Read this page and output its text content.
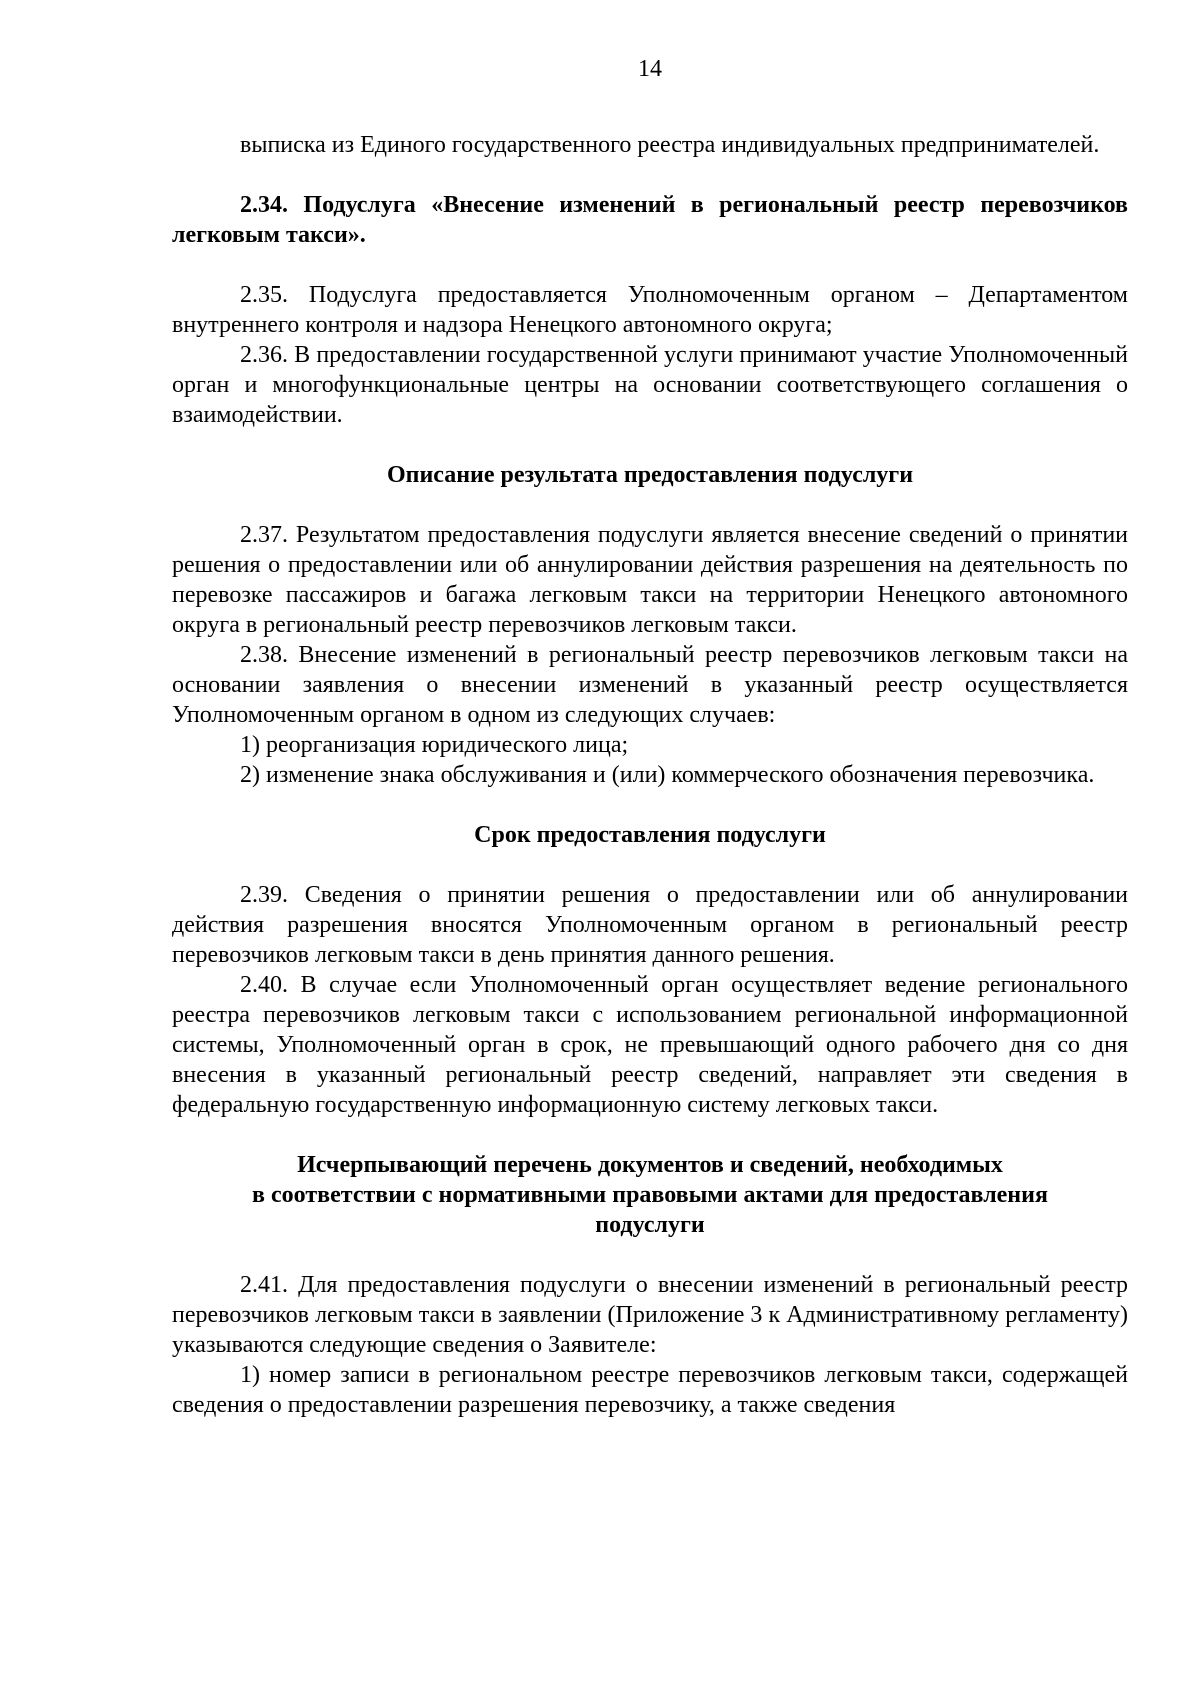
14

выписка из Единого государственного реестра индивидуальных предпринимателей.

2.34. Подуслуга «Внесение изменений в региональный реестр перевозчиков легковым такси».

2.35. Подуслуга предоставляется Уполномоченным органом – Департаментом внутреннего контроля и надзора Ненецкого автономного округа;

2.36. В предоставлении государственной услуги принимают участие Уполномоченный орган и многофункциональные центры на основании соответствующего соглашения о взаимодействии.

Описание результата предоставления подуслуги

2.37. Результатом предоставления подуслуги является внесение сведений о принятии решения о предоставлении или об аннулировании действия разрешения на деятельность по перевозке пассажиров и багажа легковым такси на территории Ненецкого автономного округа в региональный реестр перевозчиков легковым такси.

2.38. Внесение изменений в региональный реестр перевозчиков легковым такси на основании заявления о внесении изменений в указанный реестр осуществляется Уполномоченным органом в одном из следующих случаев:

1) реорганизация юридического лица;

2) изменение знака обслуживания и (или) коммерческого обозначения перевозчика.

Срок предоставления подуслуги

2.39. Сведения о принятии решения о предоставлении или об аннулировании действия разрешения вносятся Уполномоченным органом в региональный реестр перевозчиков легковым такси в день принятия данного решения.

2.40. В случае если Уполномоченный орган осуществляет ведение регионального реестра перевозчиков легковым такси с использованием региональной информационной системы, Уполномоченный орган в срок, не превышающий одного рабочего дня со дня внесения в указанный региональный реестр сведений, направляет эти сведения в федеральную государственную информационную систему легковых такси.

Исчерпывающий перечень документов и сведений, необходимых
в соответствии с нормативными правовыми актами для предоставления
подуслуги

2.41. Для предоставления подуслуги о внесении изменений в региональный реестр перевозчиков легковым такси в заявлении (Приложение 3 к Административному регламенту) указываются следующие сведения о Заявителе:

1) номер записи в региональном реестре перевозчиков легковым такси, содержащей сведения о предоставлении разрешения перевозчику, а также сведения
